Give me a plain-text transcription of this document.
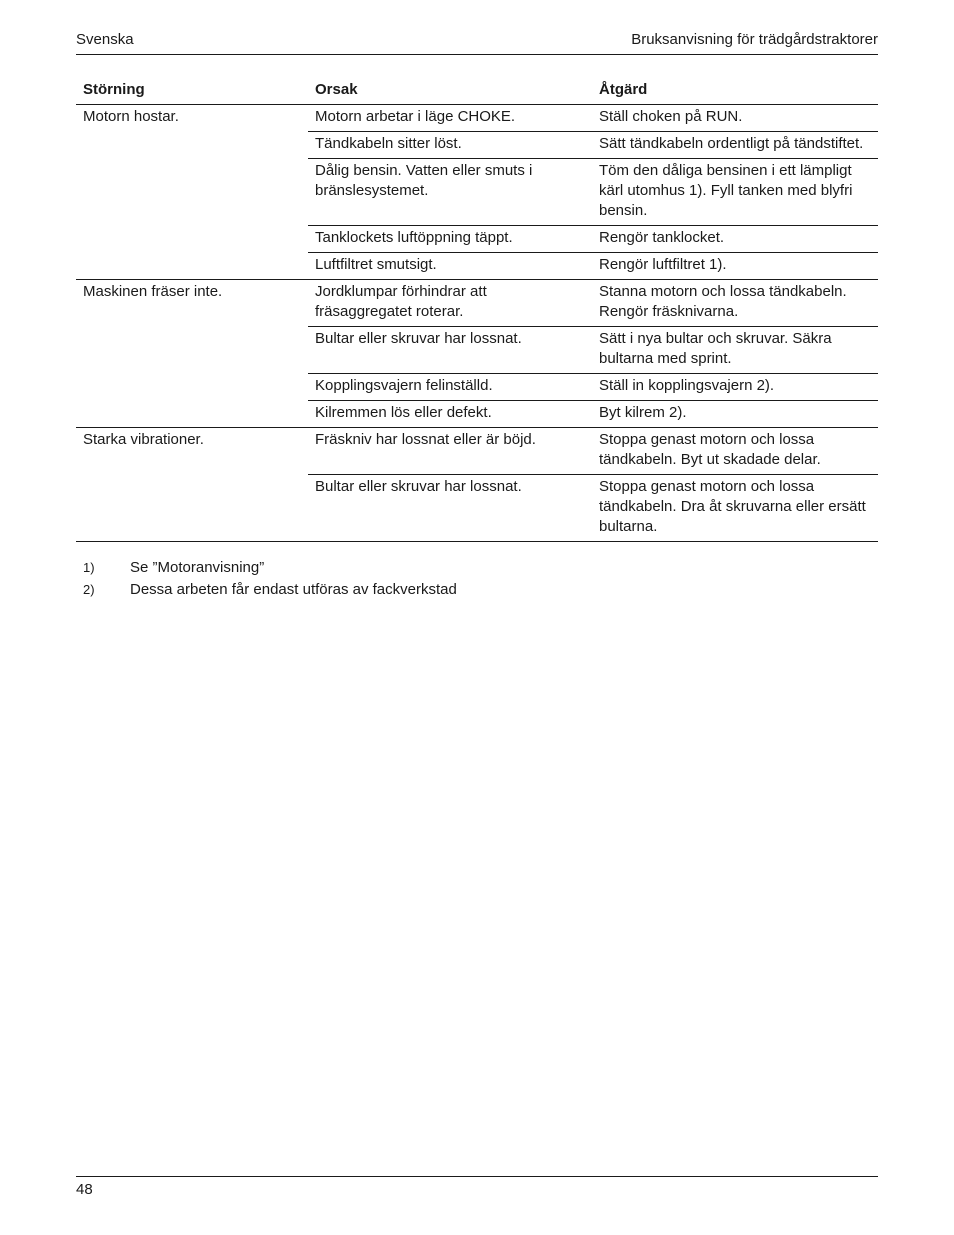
Svenska	Bruksanvisning för trädgårdstraktorer
Störning	Orsak	Åtgärd
Motorn hostar.	Motorn arbetar i läge CHOKE.	Ställ choken på RUN.
	Tändkabeln sitter löst.	Sätt tändkabeln ordentligt på tändstiftet.
	Dålig bensin. Vatten eller smuts i bränslesystemet.	Töm den dåliga bensinen i ett lämpligt kärl utomhus 1). Fyll tanken med blyfri bensin.
	Tanklockets luftöppning täppt.	Rengör tanklocket.
	Luftfiltret smutsigt.	Rengör luftfiltret 1).
Maskinen fräser inte.	Jordklumpar förhindrar att fräsaggregatet roterar.	Stanna motorn och lossa tändkabeln. Rengör fräsknivarna.
	Bultar eller skruvar har lossnat.	Sätt i nya bultar och skruvar. Säkra bultarna med sprint.
	Kopplingsvajern felinställd.	Ställ in kopplingsvajern 2).
	Kilremmen lös eller defekt.	Byt kilrem 2).
Starka vibrationer.	Fräskniv har lossnat eller är böjd.	Stoppa genast motorn och lossa tändkabeln. Byt ut skadade delar.
	Bultar eller skruvar har lossnat.	Stoppa genast motorn och lossa tändkabeln. Dra åt skruvarna eller ersätt bultarna.
1) Se ”Motoranvisning”
2) Dessa arbeten får endast utföras av fackverkstad
48
